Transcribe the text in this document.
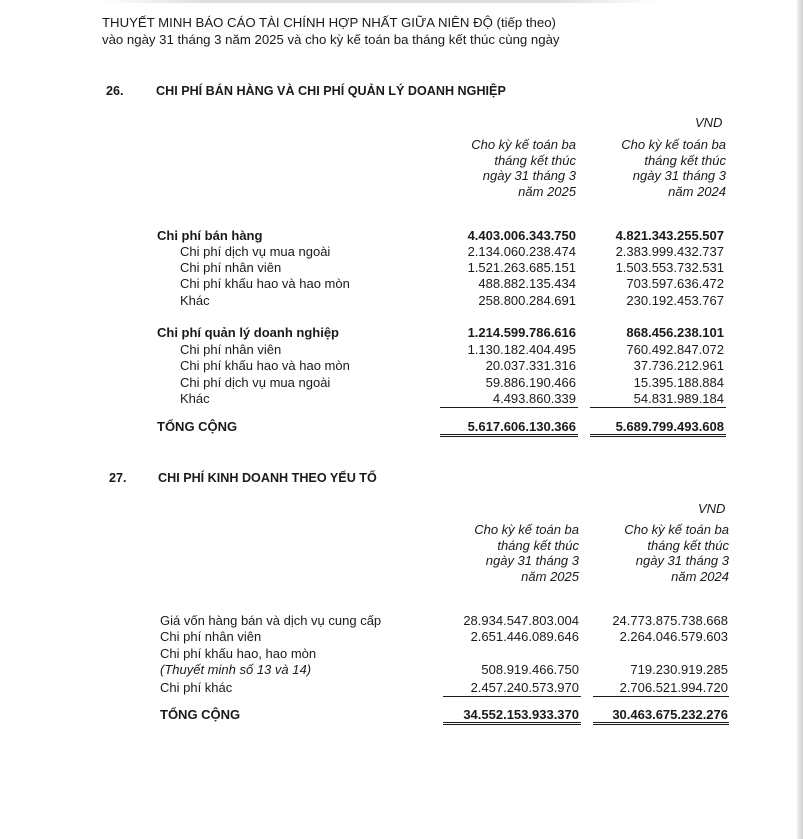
THUYẾT MINH BÁO CÁO TÀI CHÍNH HỢP NHẤT GIỮA NIÊN ĐỘ (tiếp theo)
vào ngày 31 tháng 3 năm 2025 và cho kỳ kế toán ba tháng kết thúc cùng ngày
26.	CHI PHÍ BÁN HÀNG VÀ CHI PHÍ QUẢN LÝ DOANH NGHIỆP
VND
Cho kỳ kế toán ba
tháng kết thúc
ngày 31 tháng 3
năm 2025
Cho kỳ kế toán ba
tháng kết thúc
ngày 31 tháng 3
năm 2024
Chi phí bán hàng	4.403.006.343.750	4.821.343.255.507
Chi phí dịch vụ mua ngoài	2.134.060.238.474	2.383.999.432.737
Chi phí nhân viên	1.521.263.685.151	1.503.553.732.531
Chi phí khấu hao và hao mòn	488.882.135.434	703.597.636.472
Khác	258.800.284.691	230.192.453.767
Chi phí quản lý doanh nghiệp	1.214.599.786.616	868.456.238.101
Chi phí nhân viên	1.130.182.404.495	760.492.847.072
Chi phí khấu hao và hao mòn	20.037.331.316	37.736.212.961
Chi phí dịch vụ mua ngoài	59.886.190.466	15.395.188.884
Khác	4.493.860.339	54.831.989.184
TỔNG CỘNG	5.617.606.130.366	5.689.799.493.608
27. CHI PHÍ KINH DOANH THEO YẾU TỐ
VND
Cho kỳ kế toán ba
tháng kết thúc
ngày 31 tháng 3
năm 2025
Cho kỳ kế toán ba
tháng kết thúc
ngày 31 tháng 3
năm 2024
Giá vốn hàng bán và dịch vụ cung cấp	28.934.547.803.004	24.773.875.738.668
Chi phí nhân viên	2.651.446.089.646	2.264.046.579.603
Chi phí khấu hao, hao mòn
(Thuyết minh số 13 và 14)	508.919.466.750	719.230.919.285
Chi phí khác	2.457.240.573.970	2.706.521.994.720
TỔNG CỘNG	34.552.153.933.370	30.463.675.232.276
